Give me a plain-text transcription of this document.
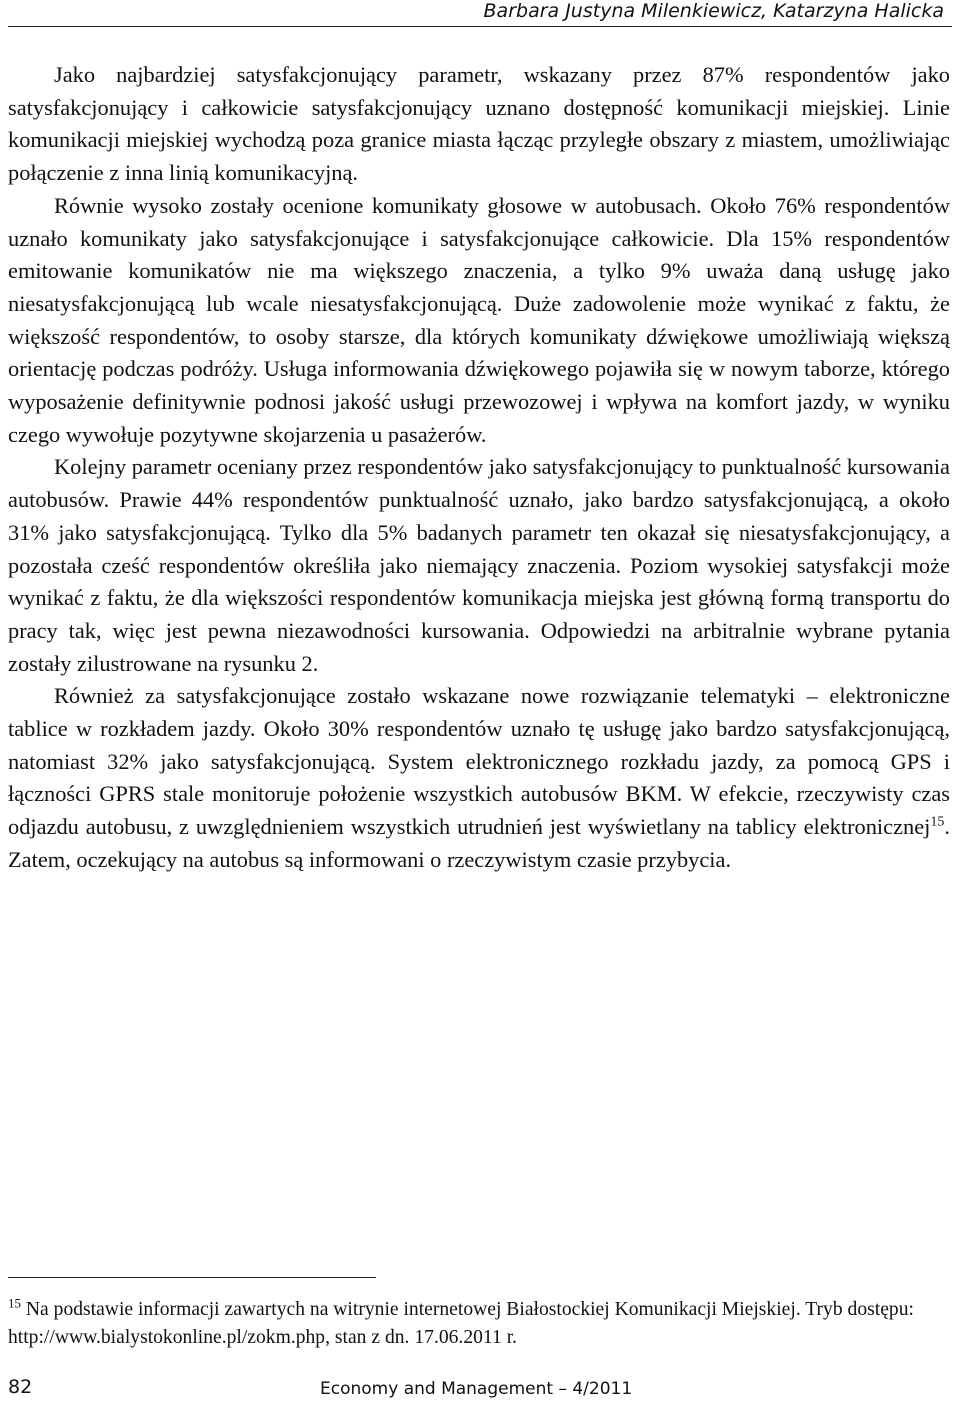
Barbara Justyna Milenkiewicz, Katarzyna Halicka

Jako najbardziej satysfakcjonujący parametr, wskazany przez 87% respondentów jako satysfakcjonujący i całkowicie satysfakcjonujący uznano dostępność komunikacji miejskiej. Linie komunikacji miejskiej wychodzą poza granice miasta łącząc przyległe obszary z miastem, umożliwiając połączenie z inna linią komunikacyjną.

Równie wysoko zostały ocenione komunikaty głosowe w autobusach. Około 76% respondentów uznało komunikaty jako satysfakcjonujące i satysfakcjonujące całkowicie. Dla 15% respondentów emitowanie komunikatów nie ma większego znaczenia, a tylko 9% uważa daną usługę jako niesatysfakcjonującą lub wcale niesatysfakcjonującą. Duże zadowolenie może wynikać z faktu, że większość respondentów, to osoby starsze, dla których komunikaty dźwiękowe umożliwiają większą orientację podczas podróży. Usługa informowania dźwiękowego pojawiła się w nowym taborze, którego wyposażenie definitywnie podnosi jakość usługi przewozowej i wpływa na komfort jazdy, w wyniku czego wywołuje pozytywne skojarzenia u pasażerów.

Kolejny parametr oceniany przez respondentów jako satysfakcjonujący to punktualność kursowania autobusów. Prawie 44% respondentów punktualność uznało, jako bardzo satysfakcjonującą, a około 31% jako satysfakcjonującą. Tylko dla 5% badanych parametr ten okazał się niesatysfakcjonujący, a pozostała cześć respondentów określiła jako niemający znaczenia. Poziom wysokiej satysfakcji może wynikać z faktu, że dla większości respondentów komunikacja miejska jest główną formą transportu do pracy tak, więc jest pewna niezawodności kursowania. Odpowiedzi na arbitralnie wybrane pytania zostały zilustrowane na rysunku 2.

Również za satysfakcjonujące zostało wskazane nowe rozwiązanie telematyki – elektroniczne tablice w rozkładem jazdy. Około 30% respondentów uznało tę usługę jako bardzo satysfakcjonującą, natomiast 32% jako satysfakcjonującą. System elektronicznego rozkładu jazdy, za pomocą GPS i łączności GPRS stale monitoruje położenie wszystkich autobusów BKM. W efekcie, rzeczywisty czas odjazdu autobusu, z uwzględnieniem wszystkich utrudnień jest wyświetlany na tablicy elektronicznej$^{15}$. Zatem, oczekujący na autobus są informowani o rzeczywistym czasie przybycia.

$^{15}$ Na podstawie informacji zawartych na witrynie internetowej Białostockiej Komunikacji Miejskiej. Tryb dostępu: http://www.bialystokonline.pl/zokm.php, stan z dn. 17.06.2011 r.
82	Economy and Management – 4/2011
